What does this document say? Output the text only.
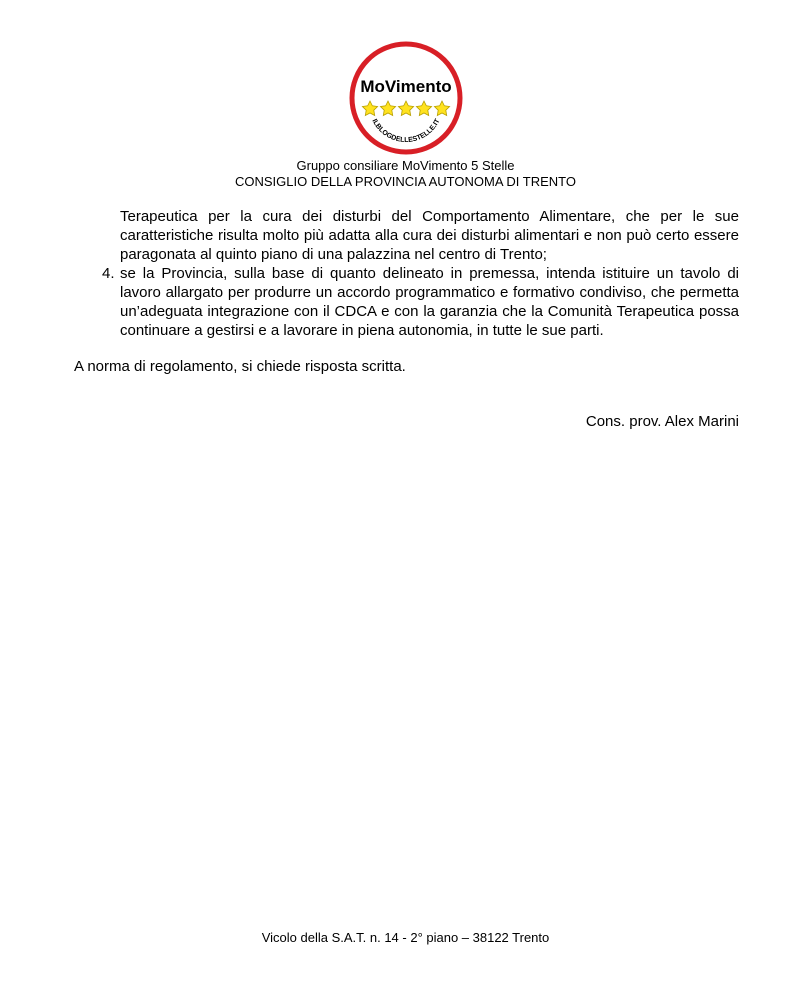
MoVimento
ILBLOGDELLESTELLE.IT
Gruppo consiliare MoVimento 5 Stelle
CONSIGLIO DELLA PROVINCIA AUTONOMA DI TRENTO
Terapeutica per la cura dei disturbi del Comportamento Alimentare, che per le sue caratteristiche risulta molto più adatta alla cura dei disturbi alimentari e non può certo essere paragonata al quinto piano di una palazzina nel centro di Trento;
4. se la Provincia, sulla base di quanto delineato in premessa, intenda istituire un tavolo di lavoro allargato per produrre un accordo programmatico e formativo condiviso, che permetta un’adeguata integrazione con il CDCA e con la garanzia che la Comunità Terapeutica possa continuare a gestirsi e a lavorare in piena autonomia, in tutte le sue parti.
A norma di regolamento, si chiede risposta scritta.
Cons. prov. Alex Marini
Vicolo della S.A.T. n. 14 - 2° piano – 38122 Trento
